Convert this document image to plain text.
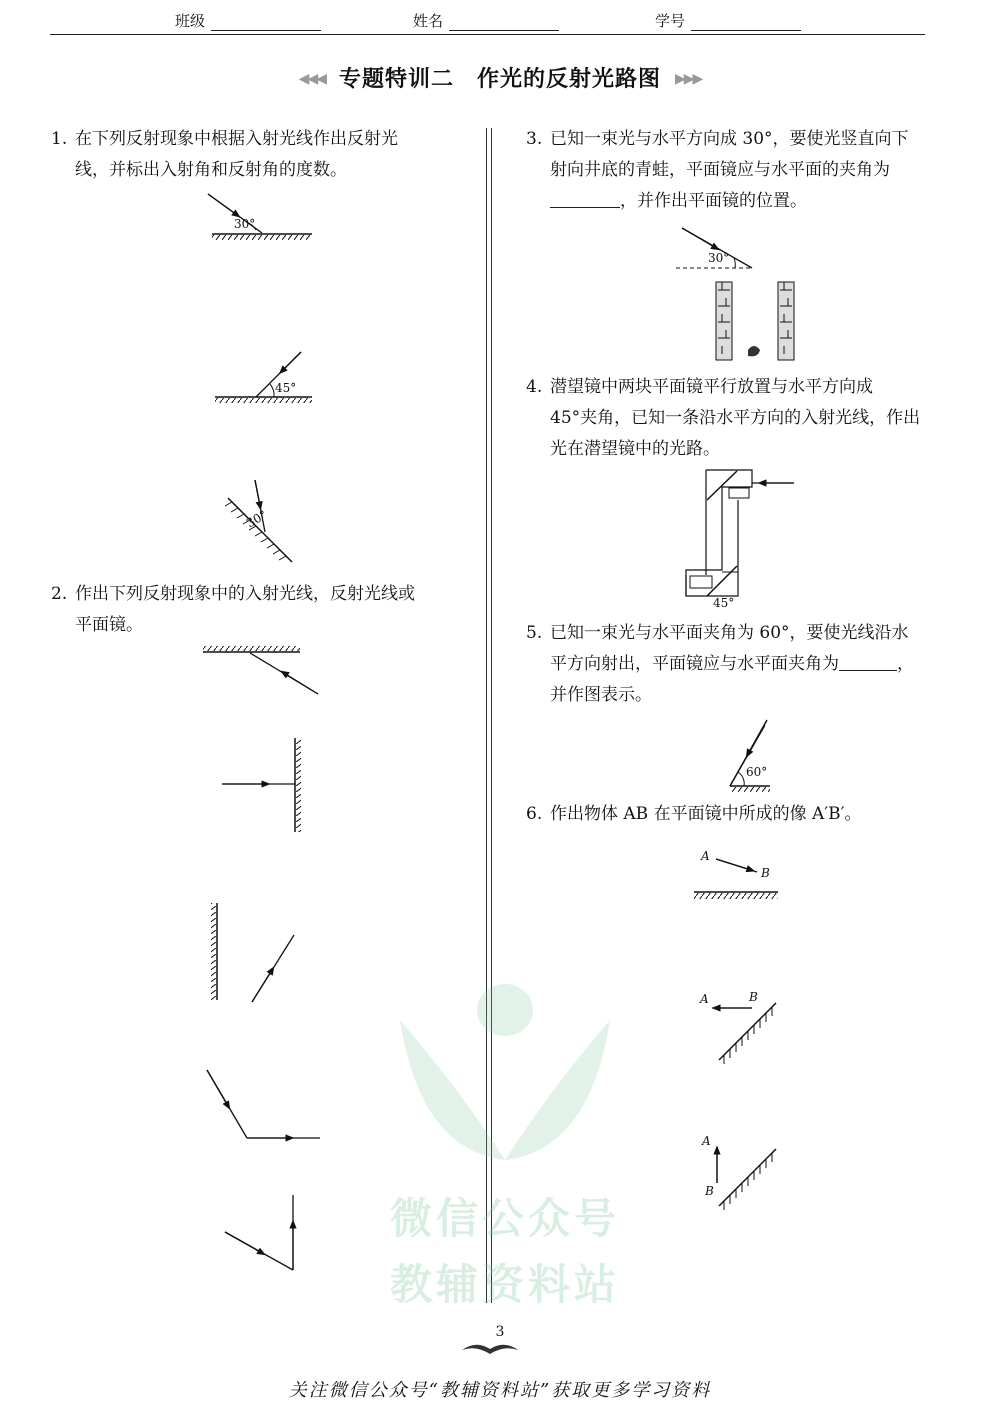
班级	姓名	学号
◀◀◀ 专题特训二　作光的反射光路图 ▶▶▶
微信公众号
教辅资料站
1. 在下列反射现象中根据入射光线作出反射光
线，并标出入射角和反射角的度数。
30°
45°
30°
2. 作出下列反射现象中的入射光线，反射光线或
平面镜。
3. 已知一束光与水平方向成 30°，要使光竖直向下
射向井底的青蛙，平面镜应与水平面的夹角为
，并作出平面镜的位置。
30°
4. 潜望镜中两块平面镜平行放置与水平方向成
45°夹角，已知一条沿水平方向的入射光线，作出
光在潜望镜中的光路。
45°
5. 已知一束光与水平面夹角为 60°，要使光线沿水
平方向射出，平面镜应与水平面夹角为	，
并作图表示。
60°
6. 作出物体 AB 在平面镜中所成的像 A′B′。
A
B
A	B
A
B
3
关注微信公众号“教辅资料站”获取更多学习资料
